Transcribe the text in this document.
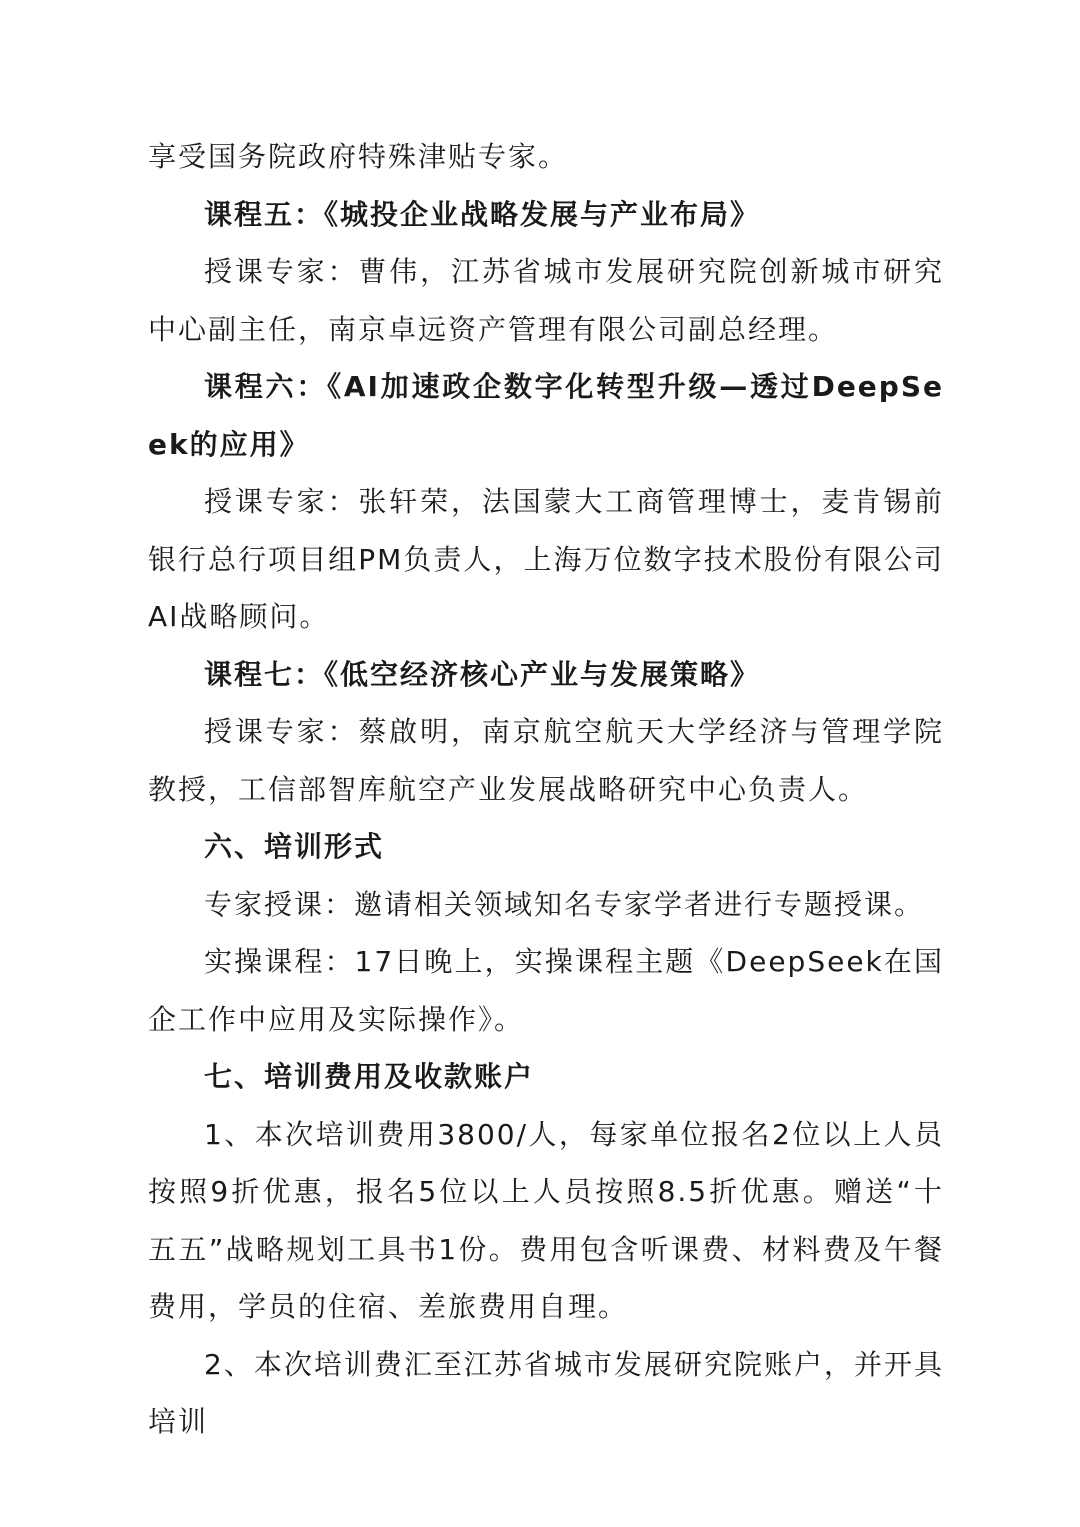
享受国务院政府特殊津贴专家。

课程五：《城投企业战略发展与产业布局》

授课专家：曹伟，江苏省城市发展研究院创新城市研究中心副主任，南京卓远资产管理有限公司副总经理。

课程六：《AI加速政企数字化转型升级—透过DeepSeek的应用》

授课专家：张轩荣，法国蒙大工商管理博士，麦肯锡前银行总行项目组PM负责人，上海万位数字技术股份有限公司AI战略顾问。

课程七：《低空经济核心产业与发展策略》

授课专家：蔡啟明，南京航空航天大学经济与管理学院教授，工信部智库航空产业发展战略研究中心负责人。

六、培训形式

专家授课：邀请相关领域知名专家学者进行专题授课。

实操课程：17日晚上，实操课程主题《DeepSeek在国企工作中应用及实际操作》。

七、培训费用及收款账户

1、本次培训费用3800/人，每家单位报名2位以上人员按照9折优惠，报名5位以上人员按照8.5折优惠。赠送“十五五”战略规划工具书1份。费用包含听课费、材料费及午餐费用，学员的住宿、差旅费用自理。

2、本次培训费汇至江苏省城市发展研究院账户，并开具培训
